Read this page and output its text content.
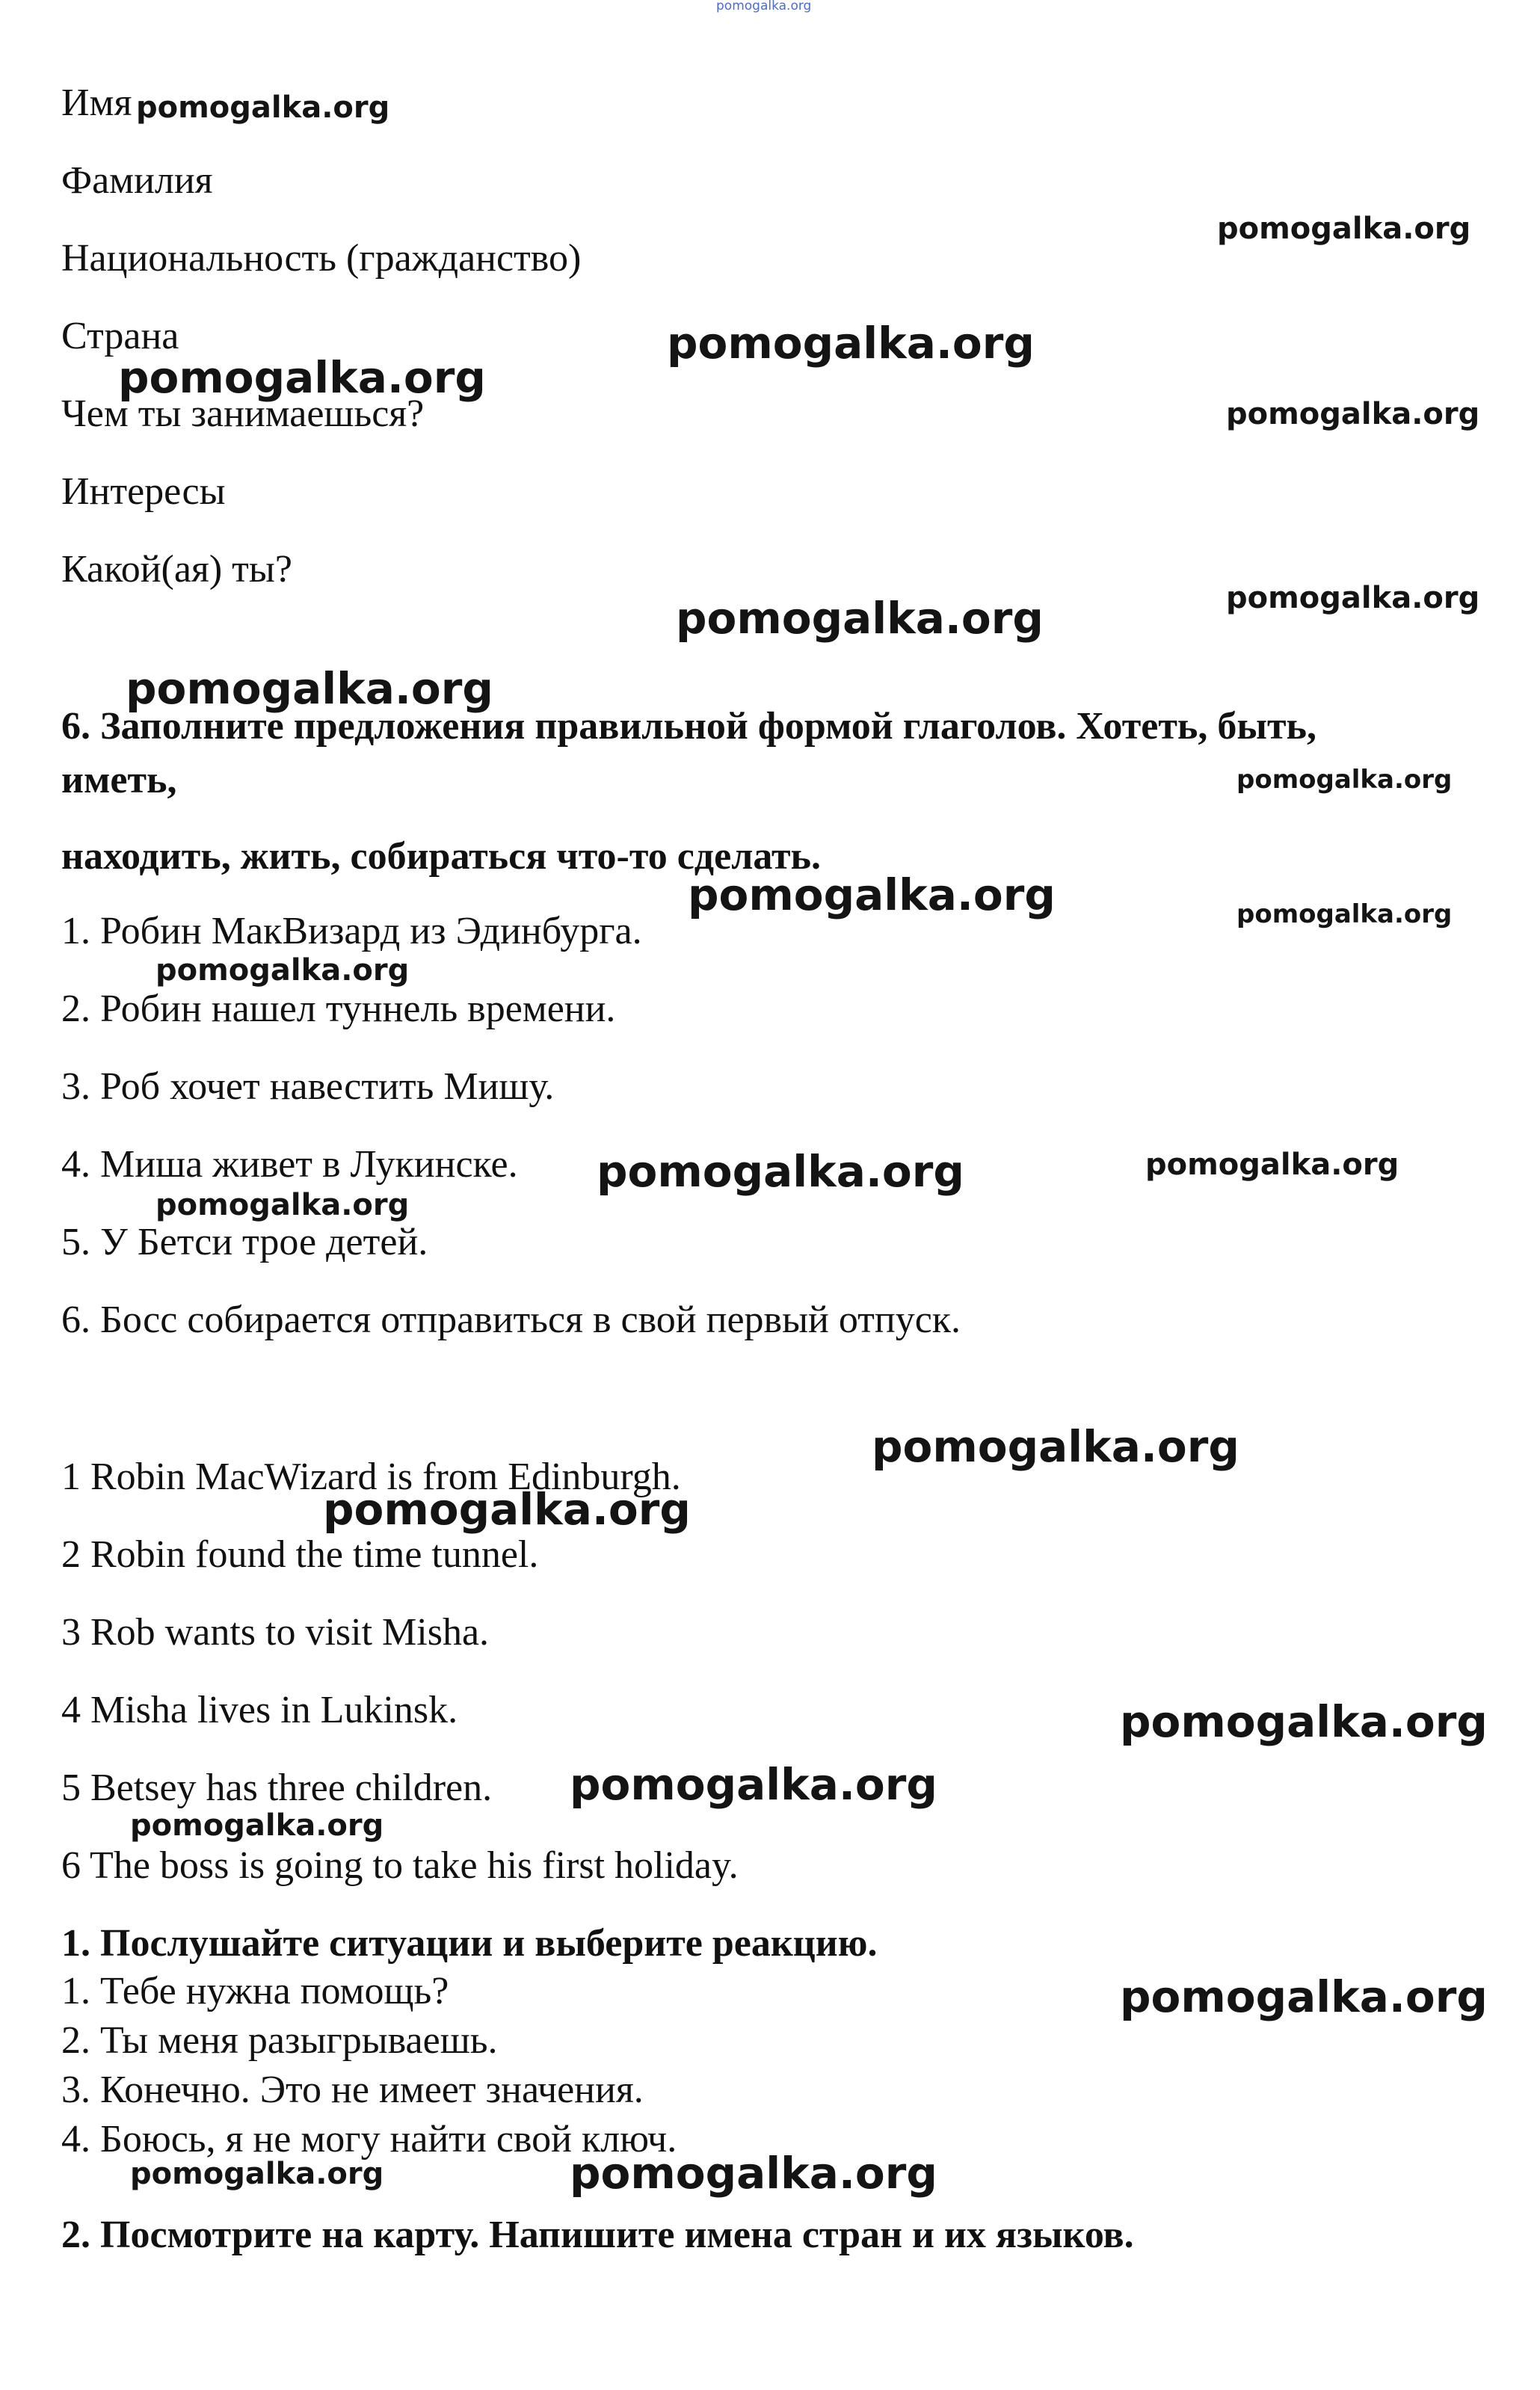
pomogalka.org

Имя

Фамилия

Национальность (гражданство)

Страна

Чем ты занимаешься?

Интересы

Какой(ая) ты?

6. Заполните предложения правильной формой глаголов. Хотеть, быть,

иметь,

находить, жить, собираться что-то сделать.

1. Робин МакВизард из Эдинбурга.

2. Робин нашел туннель времени.

3. Роб хочет навестить Мишу.

4. Миша живет в Лукинске.

5. У Бетси трое детей.

6. Босс собирается отправиться в свой первый отпуск.

1 Robin MacWizard is from Edinburgh.

2 Robin found the time tunnel.

3 Rob wants to visit Misha.

4 Misha lives in Lukinsk.

5 Betsey has three children.

6 The boss is going to take his first holiday.

1. Послушайте ситуации и выберите реакцию.

1. Тебе нужна помощь?

2. Ты меня разыгрываешь.

3. Конечно. Это не имеет значения.

4. Боюсь, я не могу найти свой ключ.

2. Посмотрите на карту. Напишите имена стран и их языков.

pomogalka.org
pomogalka.org
pomogalka.org
pomogalka.org
pomogalka.org
pomogalka.org
pomogalka.org
pomogalka.org
pomogalka.org
pomogalka.org	pomogalka.org
pomogalka.org
pomogalka.org	pomogalka.org
pomogalka.org
pomogalka.org
pomogalka.org
pomogalka.org
pomogalka.org
pomogalka.org
pomogalka.org
pomogalka.org	pomogalka.org
